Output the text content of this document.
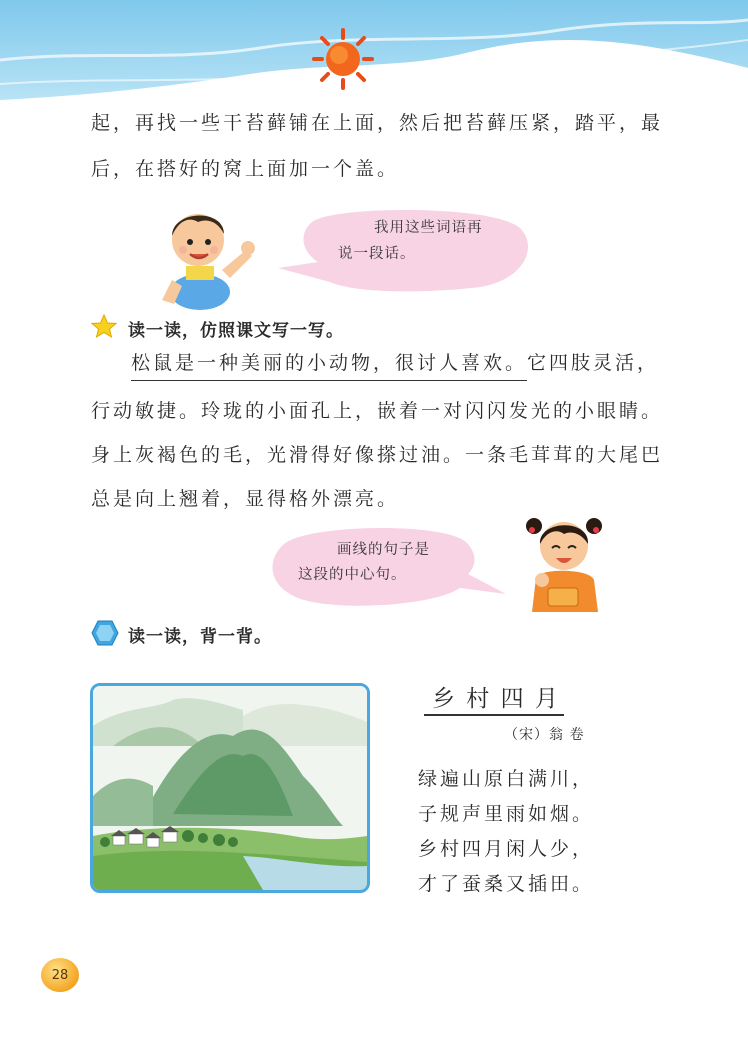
起，再找一些干苔藓铺在上面，然后把苔藓压紧，踏平，最
后，在搭好的窝上面加一个盖。
我用这些词语再
说一段话。
读一读，仿照课文写一写。
松鼠是一种美丽的小动物，很讨人喜欢。它四肢灵活，
行动敏捷。玲珑的小面孔上，嵌着一对闪闪发光的小眼睛。
身上灰褐色的毛，光滑得好像搽过油。一条毛茸茸的大尾巴
总是向上翘着，显得格外漂亮。
画线的句子是
这段的中心句。
读一读，背一背。
乡 村 四 月
（宋）翁 卷
绿遍山原白满川，
子规声里雨如烟。
乡村四月闲人少，
才了蚕桑又插田。
28
